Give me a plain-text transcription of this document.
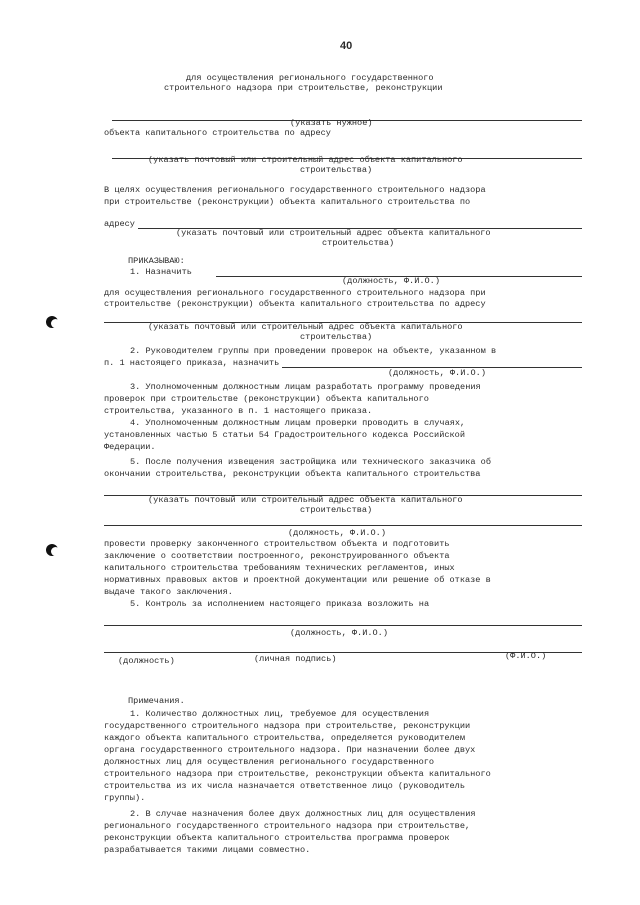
40
для осуществления регионального государственного
строительного надзора при строительстве, реконструкции
(указать нужное)
объекта капитального строительства по адресу
(указать почтовый или строительный адрес объекта капитального
строительства)
В целях осуществления регионального государственного строительного надзора
при строительстве (реконструкции) объекта капитального строительства по
адресу
(указать почтовый или строительный адрес объекта капитального
строительства)
ПРИКАЗЫВАЮ:
1. Назначить
(должность, Ф.И.О.)
для осуществления регионального государственного строительного надзора при
строительстве (реконструкции) объекта капитального строительства по адресу
(указать почтовый или строительный адрес объекта капитального
строительства)
2. Руководителем группы при проведении проверок на объекте, указанном в
п. 1 настоящего приказа, назначить
(должность, Ф.И.О.)
3. Уполномоченным должностным лицам разработать программу проведения
проверок при строительстве (реконструкции) объекта капитального
строительства, указанного в п. 1 настоящего приказа.
4. Уполномоченным должностным лицам проверки проводить в случаях,
установленных частью 5 статьи 54 Градостроительного кодекса Российской
Федерации.
5. После получения извещения застройщика или технического заказчика об
окончании строительства, реконструкции объекта капитального строительства
(указать почтовый или строительный адрес объекта капитального
строительства)
(должность, Ф.И.О.)
провести проверку законченного строительством объекта и подготовить
заключение о соответствии построенного, реконструированного объекта
капитального строительства требованиям технических регламентов, иных
нормативных правовых актов и проектной документации или решение об отказе в
выдаче такого заключения.
5. Контроль за исполнением настоящего приказа возложить на
(должность, Ф.И.О.)
(должность)	(личная подпись)	(Ф.И.О.)
Примечания.
1. Количество должностных лиц, требуемое для осуществления
государственного строительного надзора при строительстве, реконструкции
каждого объекта капитального строительства, определяется руководителем
органа государственного строительного надзора. При назначении более двух
должностных лиц для осуществления регионального государственного
строительного надзора при строительстве, реконструкции объекта капитального
строительства из их числа назначается ответственное лицо (руководитель
группы).
2. В случае назначения более двух должностных лиц для осуществления
регионального государственного строительного надзора при строительстве,
реконструкции объекта капитального строительства программа проверок
разрабатывается такими лицами совместно.
